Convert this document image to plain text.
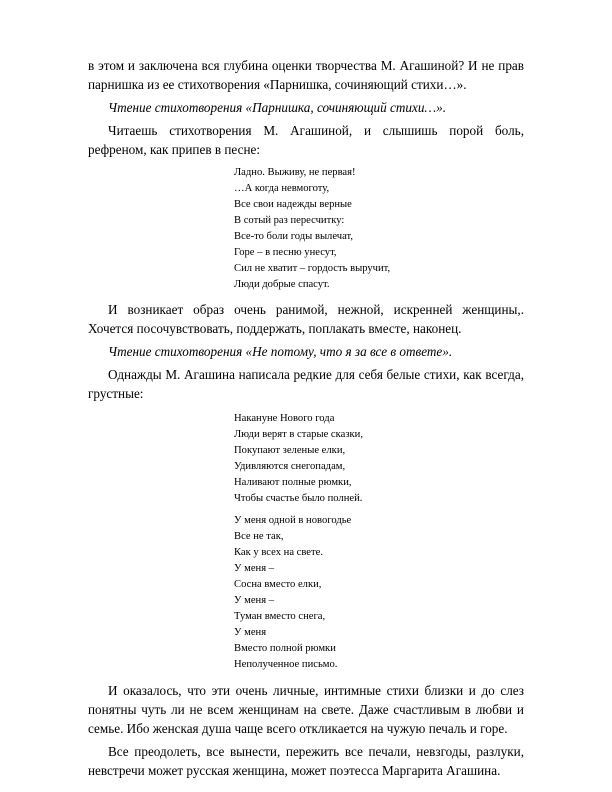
в этом и заключена вся глубина оценки творчества М. Агашиной? И не прав парнишка из ее стихотворения «Парнишка, сочиняющий стихи…».

Чтение стихотворения «Парнишка, сочиняющий стихи…».

Читаешь стихотворения М. Агашиной, и слышишь порой боль, рефреном, как припев в песне:

Ладно. Выживу, не первая!
…А когда невмоготу,
Все свои надежды верные
В сотый раз пересчитку:
Все-то боли годы вылечат,
Горе – в песню унесут,
Сил не хватит – гордость выручит,
Люди добрые спасут.

И возникает образ очень ранимой, нежной, искренней женщины,. Хочется посочувствовать, поддержать, поплакать вместе, наконец.

Чтение стихотворения «Не потому, что я за все в ответе».

Однажды М. Агашина написала редкие для себя белые стихи, как всегда, грустные:

Накануне Нового года
Люди верят в старые сказки,
Покупают зеленые елки,
Удивляются снегопадам,
Наливают полные рюмки,
Чтобы счастье было полней.
У меня одной в новогодье
Все не так,
Как у всех на свете.
У меня –
Сосна вместо елки,
У меня –
Туман вместо снега,
У меня
Вместо полной рюмки
Неполученное письмо.

И оказалось, что эти очень личные, интимные стихи близки и до слез понятны чуть ли не всем женщинам на свете. Даже счастливым в любви и семье. Ибо женская душа чаще всего откликается на чужую печаль и горе.

Все преодолеть, все вынести, пережить все печали, невзгоды, разлуки, невстречи может русская женщина, может поэтесса Маргарита Агашина.
